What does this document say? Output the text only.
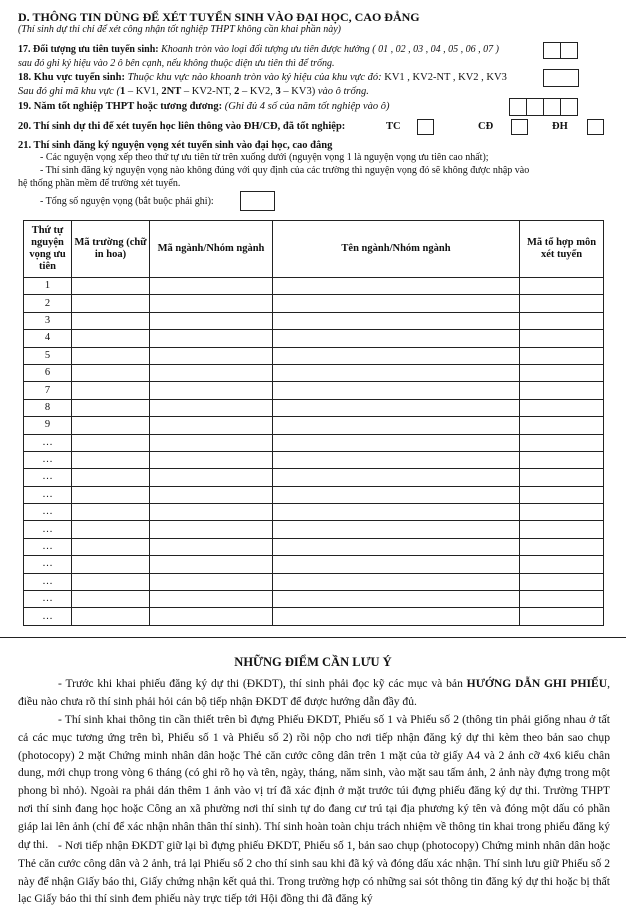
D. THÔNG TIN DÙNG ĐỂ XÉT TUYỂN SINH VÀO ĐẠI HỌC, CAO ĐẲNG
(Thí sinh dự thi chỉ để xét công nhận tốt nghiệp THPT không cần khai phần này)
17. Đối tượng ưu tiên tuyển sinh: Khoanh tròn vào loại đối tượng ưu tiên được hưởng ( 01 , 02 , 03 , 04 , 05 , 06 , 07 )
sau đó ghi ký hiệu vào 2 ô bên cạnh, nếu không thuộc diện ưu tiên thì để trống.
18. Khu vực tuyển sinh: Thuộc khu vực nào khoanh tròn vào ký hiệu của khu vực đó: KV1 , KV2-NT , KV2 , KV3
Sau đó ghi mã khu vực (1 – KV1, 2NT – KV2-NT, 2 – KV2, 3 – KV3) vào ô trống.
19. Năm tốt nghiệp THPT hoặc tương đương: (Ghi đủ 4 số của năm tốt nghiệp vào ô)
20. Thí sinh dự thi để xét tuyển học liên thông vào ĐH/CĐ, đã tốt nghiệp:	TC	CĐ	ĐH
21. Thí sinh đăng ký nguyện vọng xét tuyển sinh vào đại học, cao đẳng
- Các nguyện vọng xếp theo thứ tự ưu tiên từ trên xuống dưới (nguyện vọng 1 là nguyện vọng ưu tiên cao nhất);
- Thí sinh đăng ký nguyện vọng nào không đúng với quy định của các trường thì nguyện vọng đó sẽ không được nhập vào
hệ thống phần mềm để trường xét tuyển.
- Tổng số nguyện vọng (bắt buộc phải ghi):
Thứ tự nguyện vọng ưu tiên	Mã trường (chữ in hoa)	Mã ngành/Nhóm ngành	Tên ngành/Nhóm ngành	Mã tổ hợp môn xét tuyển
1				
2				
3				
4				
5				
6				
7				
8				
9				
…				
…				
…				
…				
…				
…				
…				
…				
…				
…				
…				
NHỮNG ĐIỂM CẦN LƯU Ý
- Trước khi khai phiếu đăng ký dự thi (ĐKDT), thí sinh phải đọc kỹ các mục và bản HƯỚNG DẪN GHI PHIẾU, điều nào chưa rõ thí sinh phải hỏi cán bộ tiếp nhận ĐKDT để được hướng dẫn đầy đủ.
- Thí sinh khai thông tin cần thiết trên bì đựng Phiếu ĐKDT, Phiếu số 1 và Phiếu số 2 (thông tin phải giống nhau ở tất cả các mục tương ứng trên bì, Phiếu số 1 và Phiếu số 2) rồi nộp cho nơi tiếp nhận đăng ký dự thi kèm theo bản sao chụp (photocopy) 2 mặt Chứng minh nhân dân hoặc Thẻ căn cước công dân trên 1 mặt của tờ giấy A4 và 2 ảnh cỡ 4x6 kiểu chân dung, mới chụp trong vòng 6 tháng (có ghi rõ họ và tên, ngày, tháng, năm sinh, vào mặt sau tấm ảnh, 2 ảnh này đựng trong một phong bì nhỏ). Ngoài ra phải dán thêm 1 ảnh vào vị trí đã xác định ở mặt trước túi đựng phiếu đăng ký dự thi. Trường THPT nơi thí sinh đang học hoặc Công an xã phường nơi thí sinh tự do đang cư trú tại địa phương ký tên và đóng một dấu có phần giáp lai lên ảnh (chỉ để xác nhận nhân thân thí sinh). Thí sinh hoàn toàn chịu trách nhiệm về thông tin khai trong phiếu đăng ký dự thi. - Nơi tiếp nhận ĐKDT giữ lại bì đựng phiếu ĐKDT, Phiếu số 1, bản sao chụp (photocopy) Chứng minh nhân dân hoặc Thẻ căn cước công dân và 2 ảnh, trả lại Phiếu số 2 cho thí sinh sau khi đã ký và đóng dấu xác nhận. Thí sinh lưu giữ Phiếu số 2 này để nhận Giấy báo thi, Giấy chứng nhận kết quả thi. Trong trường hợp có những sai sót thông tin đăng ký dự thi hoặc bị thất lạc Giấy báo thi thí sinh đem phiếu này trực tiếp tới Hội đồng thi đã đăng ký
